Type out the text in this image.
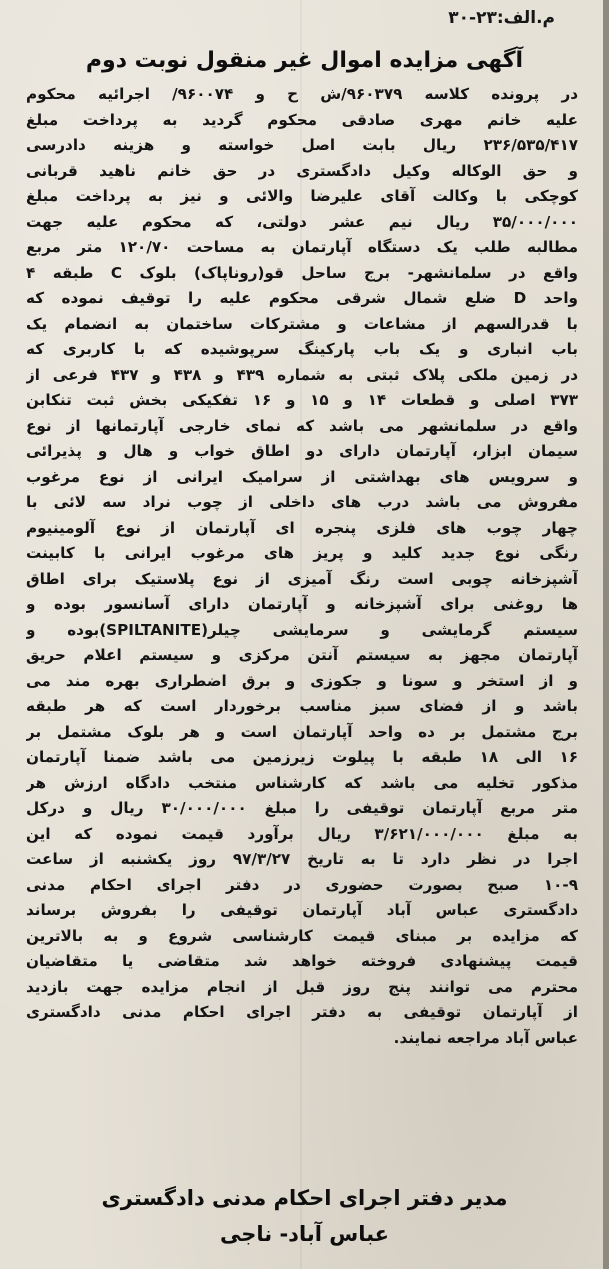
م.الف:۲۳-۳۰
آگهی مزایده اموال غیر منقول نوبت دوم
در پرونده کلاسه ۹۶۰۳۷۹/ش ح و ۹۶۰۰۷۴/ اجرائیه محکوم
علیه خانم مهری صادقی محکوم گردید به پرداخت مبلغ
۲۳۶/۵۳۵/۴۱۷ ریال بابت اصل خواسته و هزینه دادرسی
و حق الوکاله وکیل دادگستری در حق خانم ناهید قربانی
کوچکی با وکالت آقای علیرضا والائی و نیز به پرداخت مبلغ
۳۵/۰۰۰/۰۰۰ ریال نیم عشر دولتی، که محکوم علیه جهت
مطالبه طلب یک دستگاه آپارتمان به مساحت ۱۲۰/۷۰ متر مربع
واقع در سلمانشهر- برج ساحل قو(روناپاک) بلوک C طبقه ۴
واحد D ضلع شمال شرقی محکوم علیه را توقیف نموده که
با قدرالسهم از مشاعات و مشترکات ساختمان به انضمام یک
باب انباری و یک باب پارکینگ سرپوشیده که با کاربری که
در زمین ملکی پلاک ثبتی به شماره ۴۳۹ و ۴۳۸ و ۴۳۷ فرعی از
۳۷۳ اصلی و قطعات ۱۴ و ۱۵ و ۱۶ تفکیکی بخش ثبت تنکابن
واقع در سلمانشهر می باشد که نمای خارجی آپارتمانها از نوع
سیمان ابزار، آپارتمان دارای دو اطاق خواب و هال و پذیرائی
و سرویس های بهداشتی از سرامیک ایرانی از نوع مرغوب
مفروش می باشد درب های داخلی از چوب نراد سه لائی با
چهار چوب های فلزی پنجره ای آپارتمان از نوع آلومینیوم
رنگی نوع جدید کلید و پریز های مرغوب ایرانی با کابینت
آشپزخانه چوبی است رنگ آمیزی از نوع پلاستیک برای اطاق
ها روغنی برای آشپزخانه و آپارتمان دارای آسانسور بوده و
سیستم گرمایشی و سرمایشی چیلر(SPILTANITE)بوده و
آپارتمان مجهز به سیستم آنتن مرکزی و سیستم اعلام حریق
و از استخر و سونا و جکوزی و برق اضطراری بهره مند می
باشد و از فضای سبز مناسب برخوردار است که هر طبقه
برج مشتمل بر ده واحد آپارتمان است و هر بلوک مشتمل بر
۱۶ الی ۱۸ طبقه با پیلوت زیرزمین می باشد ضمنا آپارتمان
مذکور تخلیه می باشد که کارشناس منتخب دادگاه ارزش هر
متر مربع آپارتمان توقیفی را مبلغ ۳۰/۰۰۰/۰۰۰ ریال و درکل
به مبلغ ۳/۶۲۱/۰۰۰/۰۰۰ ریال برآورد قیمت نموده که این
اجرا در نظر دارد تا به تاریخ ۹۷/۳/۲۷ روز یکشنبه از ساعت
۱۰-۹ صبح بصورت حضوری در دفتر اجرای احکام مدنی
دادگستری عباس آباد آپارتمان توقیفی را بفروش برساند
که مزایده بر مبنای قیمت کارشناسی شروع و به بالاترین
قیمت پیشنهادی فروخته خواهد شد متقاضی یا متقاضیان
محترم می توانند پنج روز قبل از انجام مزایده جهت بازدید
از آپارتمان توقیفی به دفتر اجرای احکام مدنی دادگستری
عباس آباد مراجعه نمایند.
مدیر دفتر اجرای احکام مدنی دادگستری
عباس آباد- ناجی
